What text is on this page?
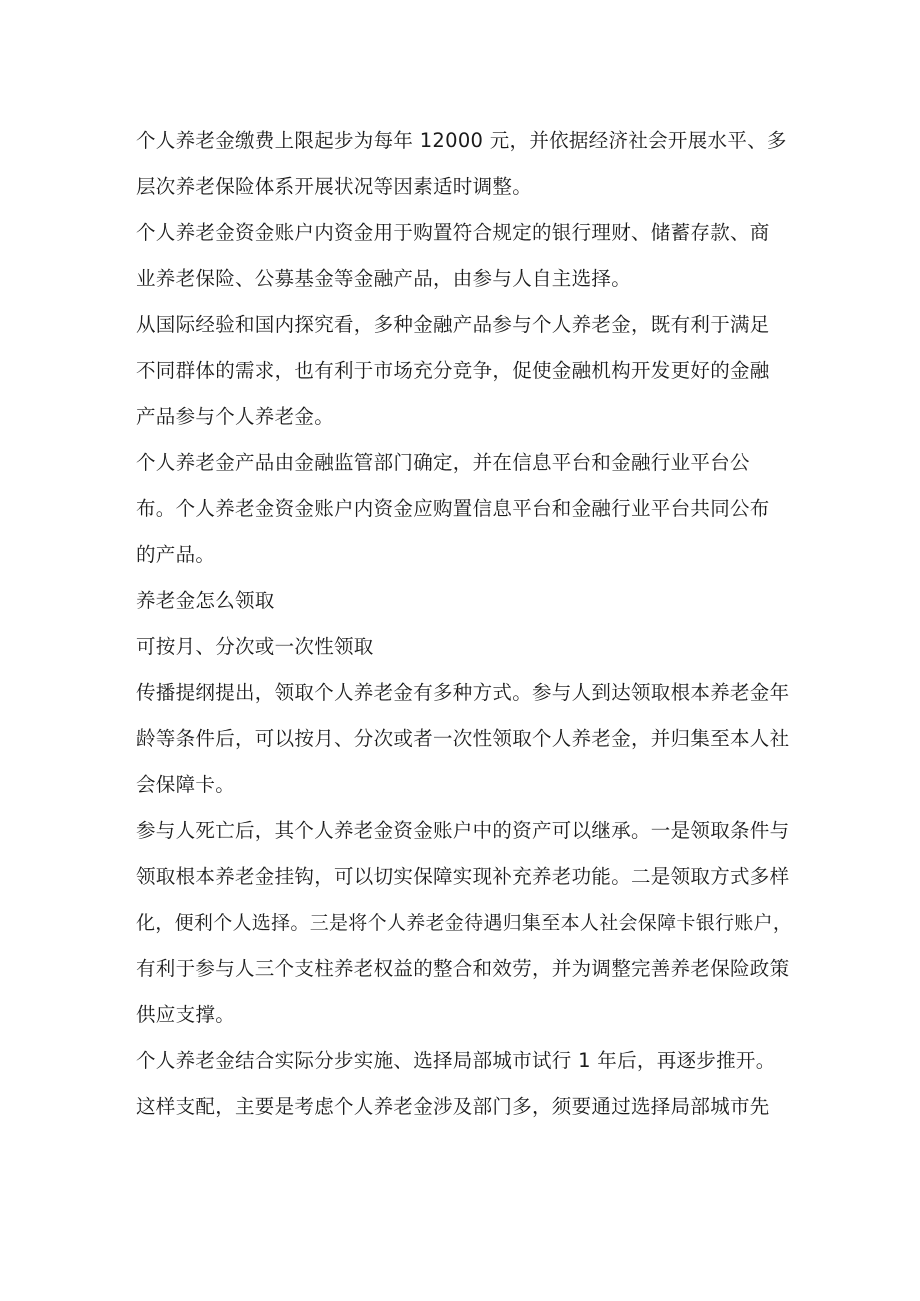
个人养老金缴费上限起步为每年 12000 元，并依据经济社会开展水平、多
层次养老保险体系开展状况等因素适时调整。

个人养老金资金账户内资金用于购置符合规定的银行理财、储蓄存款、商
业养老保险、公募基金等金融产品，由参与人自主选择。

从国际经验和国内探究看，多种金融产品参与个人养老金，既有利于满足
不同群体的需求，也有利于市场充分竞争，促使金融机构开发更好的金融
产品参与个人养老金。

个人养老金产品由金融监管部门确定，并在信息平台和金融行业平台公
布。个人养老金资金账户内资金应购置信息平台和金融行业平台共同公布
的产品。

养老金怎么领取

可按月、分次或一次性领取

传播提纲提出，领取个人养老金有多种方式。参与人到达领取根本养老金年
龄等条件后，可以按月、分次或者一次性领取个人养老金，并归集至本人社
会保障卡。

参与人死亡后，其个人养老金资金账户中的资产可以继承。一是领取条件与
领取根本养老金挂钩，可以切实保障实现补充养老功能。二是领取方式多样
化，便利个人选择。三是将个人养老金待遇归集至本人社会保障卡银行账户，
有利于参与人三个支柱养老权益的整合和效劳，并为调整完善养老保险政策
供应支撑。

个人养老金结合实际分步实施、选择局部城市试行 1 年后，再逐步推开。
这样支配，主要是考虑个人养老金涉及部门多，须要通过选择局部城市先
